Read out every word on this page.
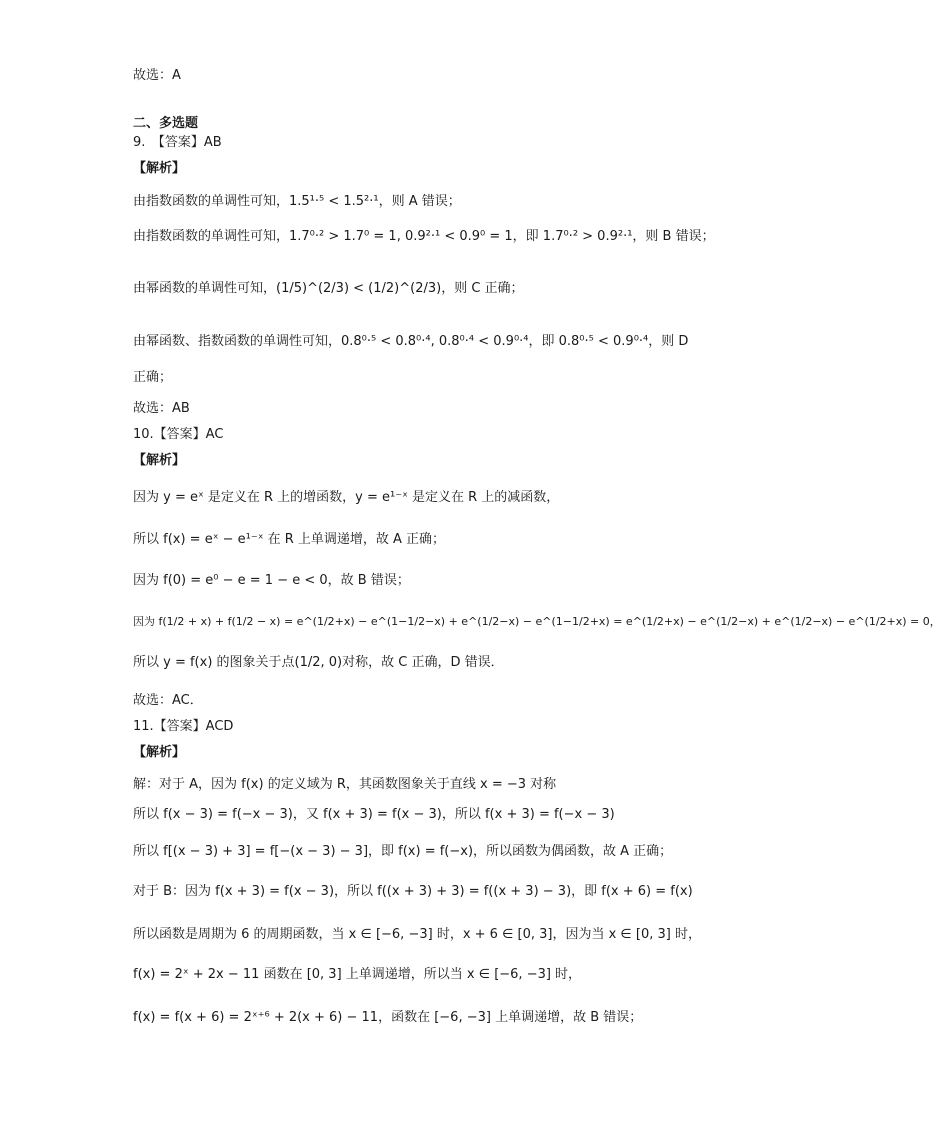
故选：A
二、多选题
9.　【答案】AB
【解析】
由指数函数的单调性可知，1.5¹·⁵ < 1.5²·¹，则 A 错误；
由指数函数的单调性可知，1.7⁰·² > 1.7⁰ = 1, 0.9²·¹ < 0.9⁰ = 1，即 1.7⁰·² > 0.9²·¹，则 B 错误；
由幂函数的单调性可知，(1/5)^(2/3) < (1/2)^(2/3)，则 C 正确；
由幂函数、指数函数的单调性可知，0.8⁰·⁵ < 0.8⁰·⁴, 0.8⁰·⁴ < 0.9⁰·⁴，即 0.8⁰·⁵ < 0.9⁰·⁴，则 D
正确；
故选：AB
10.【答案】AC
【解析】
因为 y = eˣ 是定义在 R 上的增函数，y = e¹⁻ˣ 是定义在 R 上的减函数，
所以 f(x) = eˣ − e¹⁻ˣ 在 R 上单调递增，故 A 正确；
因为 f(0) = e⁰ − e = 1 − e < 0，故 B 错误；
因为 f(1/2 + x) + f(1/2 − x) = e^(1/2+x) − e^(1−1/2−x) + e^(1/2−x) − e^(1−1/2+x) = e^(1/2+x) − e^(1/2−x) + e^(1/2−x) − e^(1/2+x) = 0，
所以 y = f(x) 的图象关于点(1/2, 0)对称，故 C 正确，D 错误．
故选：AC．
11.【答案】ACD
【解析】
解：对于 A，因为 f(x) 的定义域为 R，其函数图象关于直线 x = −3 对称
所以 f(x − 3) = f(−x − 3)，又 f(x + 3) = f(x − 3)，所以 f(x + 3) = f(−x − 3)
所以 f[(x − 3) + 3] = f[−(x − 3) − 3]，即 f(x) = f(−x)，所以函数为偶函数，故 A 正确；
对于 B：因为 f(x + 3) = f(x − 3)，所以 f((x + 3) + 3) = f((x + 3) − 3)，即 f(x + 6) = f(x)
所以函数是周期为 6 的周期函数，当 x ∈ [−6, −3] 时，x + 6 ∈ [0, 3]，因为当 x ∈ [0, 3] 时，
f(x) = 2ˣ + 2x − 11 函数在 [0, 3] 上单调递增，所以当 x ∈ [−6, −3] 时，
f(x) = f(x + 6) = 2ˣ⁺⁶ + 2(x + 6) − 11，函数在 [−6, −3] 上单调递增，故 B 错误；
